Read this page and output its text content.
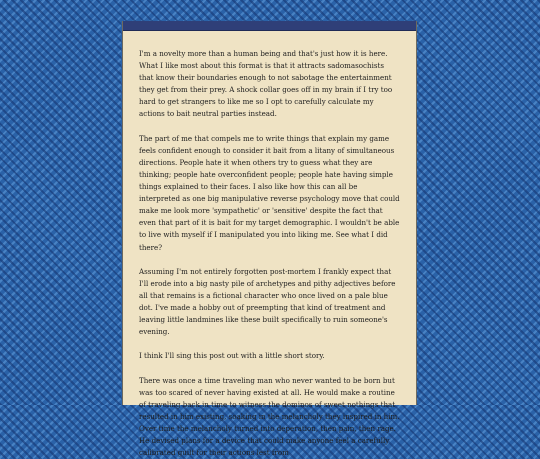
I'm a novelty more than a human being and that's just how it is here. What I like most about this format is that it attracts sadomasochists that know their boundaries enough to not sabotage the entertainment they get from their prey. A shock collar goes off in my brain if I try too hard to get strangers to like me so I opt to carefully calculate my actions to bait neutral parties instead.

The part of me that compels me to write things that explain my game feels confident enough to consider it bait from a litany of simultaneous directions. People hate it when others try to guess what they are thinking; people hate overconfident people; people hate having simple things explained to their faces. I also like how this can all be interpreted as one big manipulative reverse psychology move that could make me look more 'sympathetic' or 'sensitive' despite the fact that even that part of it is bait for my target demographic. I wouldn't be able to live with myself if I manipulated you into liking me. See what I did there?

Assuming I'm not entirely forgotten post-mortem I frankly expect that I'll erode into a big nasty pile of archetypes and pithy adjectives before all that remains is a fictional character who once lived on a pale blue dot. I've made a hobby out of preempting that kind of treatment and leaving little landmines like these built specifically to ruin someone's evening.

I think I'll sing this post out with a little short story.

There was once a time traveling man who never wanted to be born but was too scared of never having existed at all. He would make a routine of traveling back in time to witness the dominos of sweet nothings that resulted in him existing, soaking in the melancholy they inspired in him. Over time the melancholy turned into deperation, then pain, then rage. He devised plans for a device that could make anyone feel a carefully calibrated guilt for their actions lest from
